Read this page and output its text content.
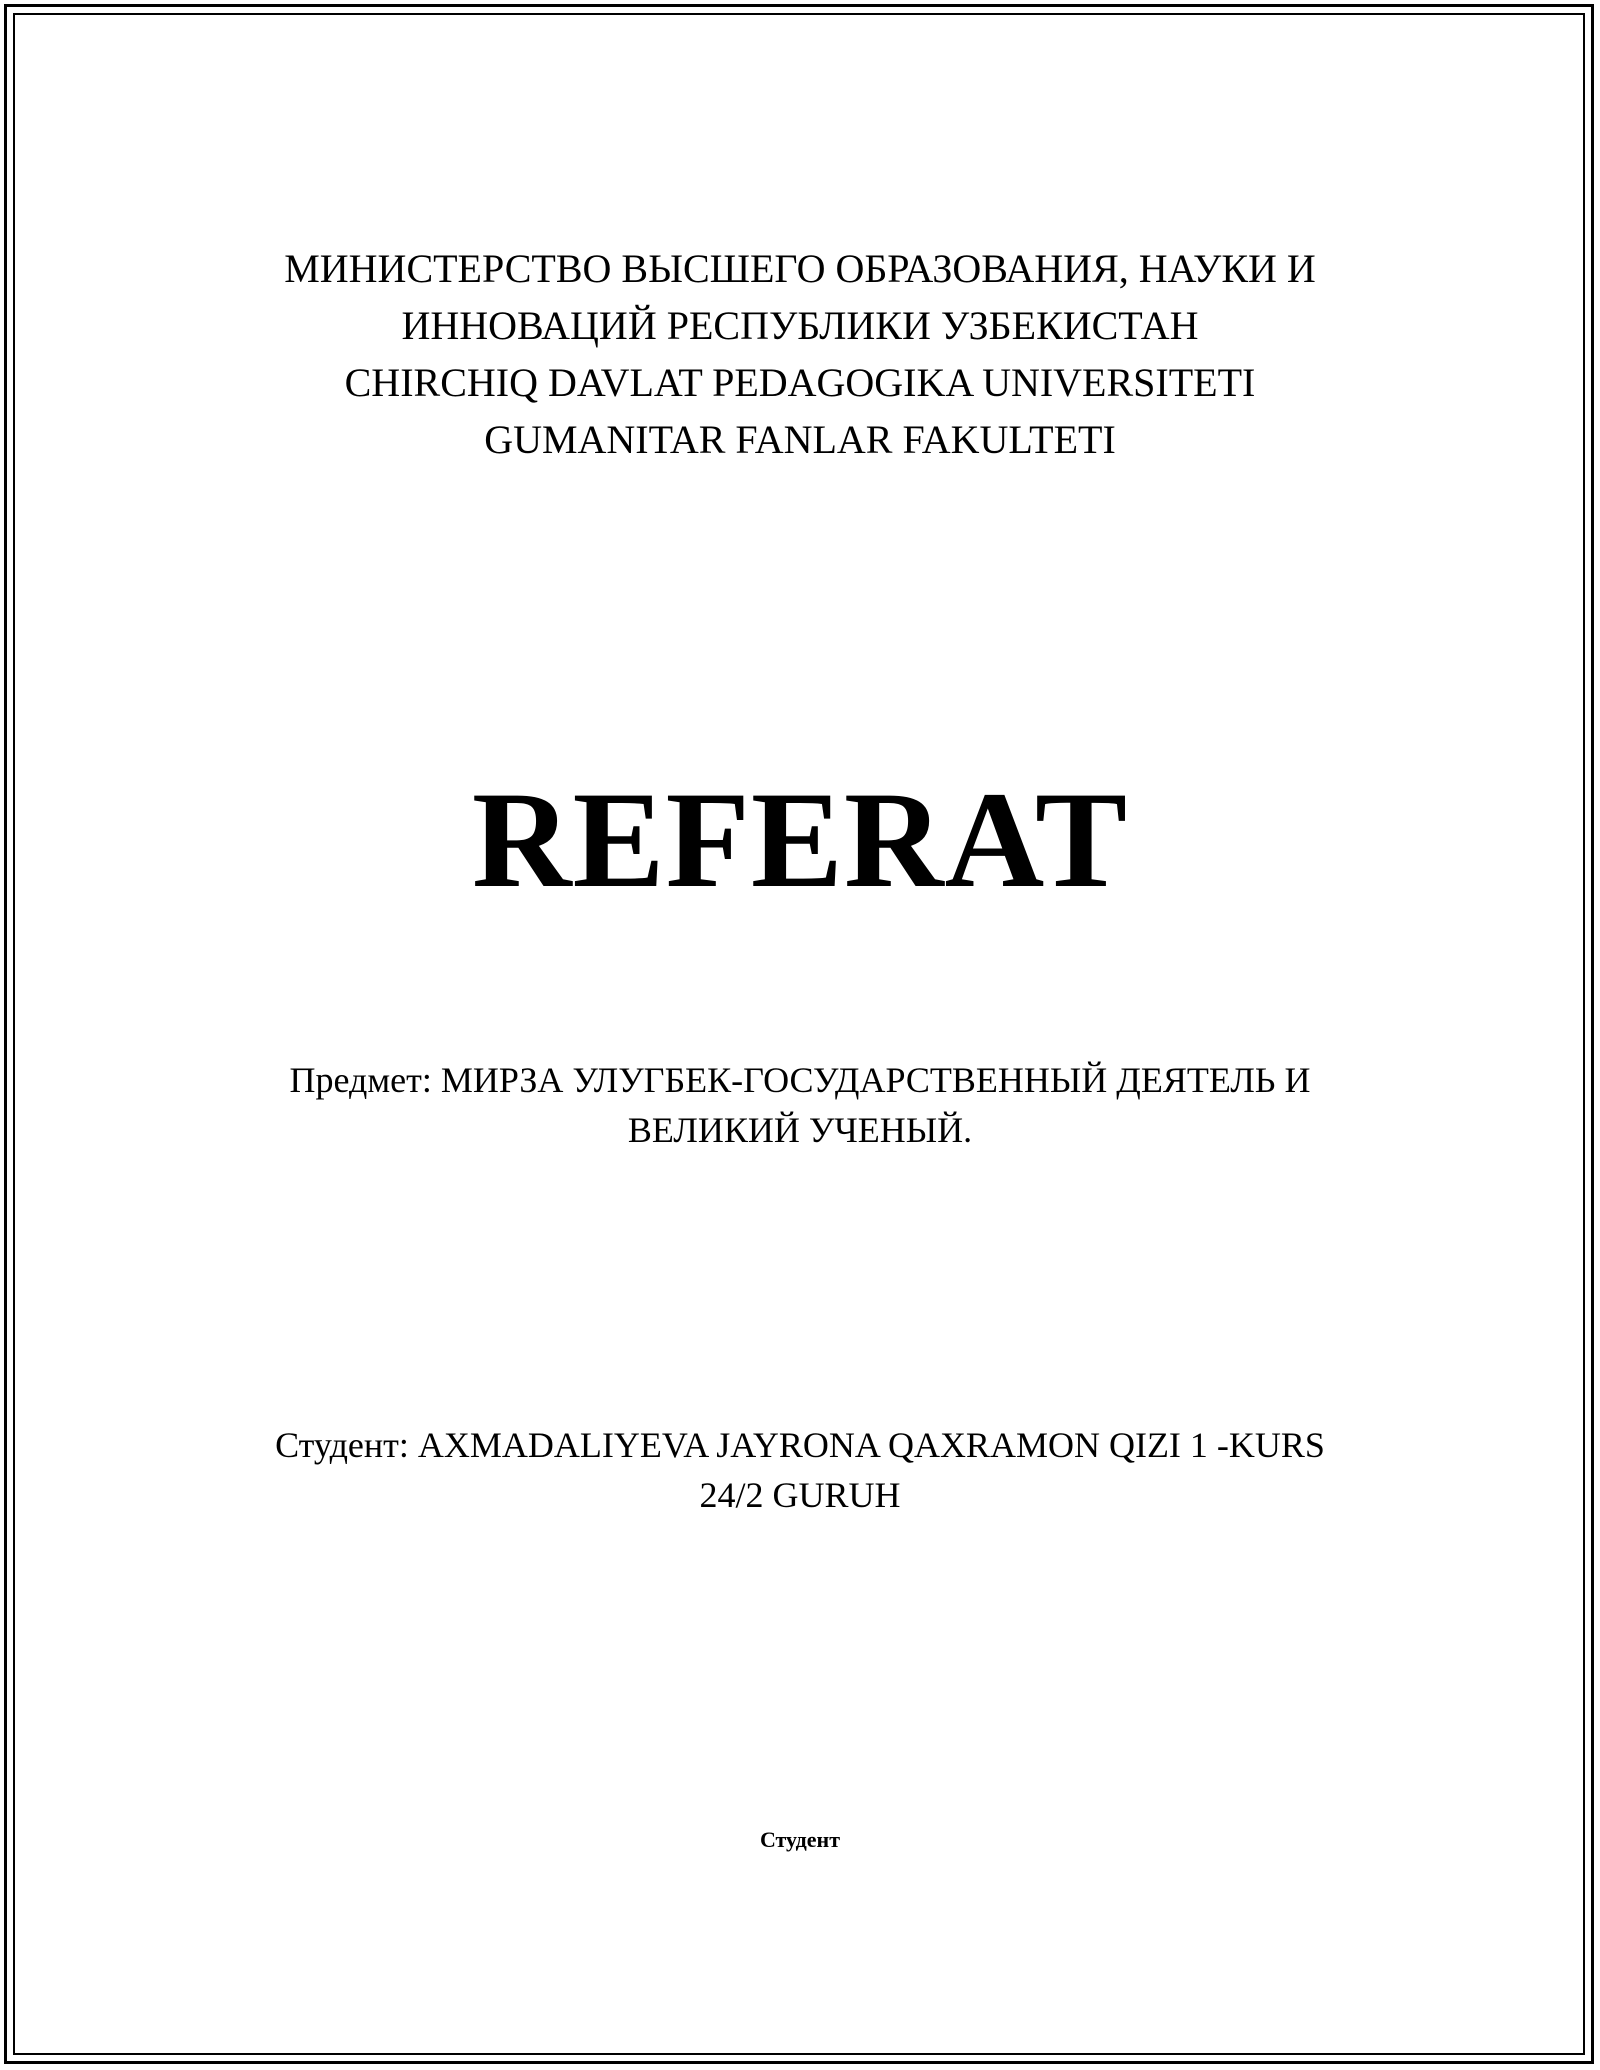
МИНИСТЕРСТВО ВЫСШЕГО ОБРАЗОВАНИЯ, НАУКИ И
ИННОВАЦИЙ РЕСПУБЛИКИ УЗБЕКИСТАН
CHIRCHIQ DAVLAT PEDAGOGIKA UNIVERSITETI
GUMANITAR FANLAR FAKULTETI
REFERAT
Предмет: МИРЗА УЛУГБЕК-ГОСУДАРСТВЕННЫЙ ДЕЯТЕЛЬ И
ВЕЛИКИЙ УЧЕНЫЙ.
Студент: AXMADALIYEVA JAYRONA QAXRAMON QIZI 1 -KURS
24/2 GURUH
Студент
